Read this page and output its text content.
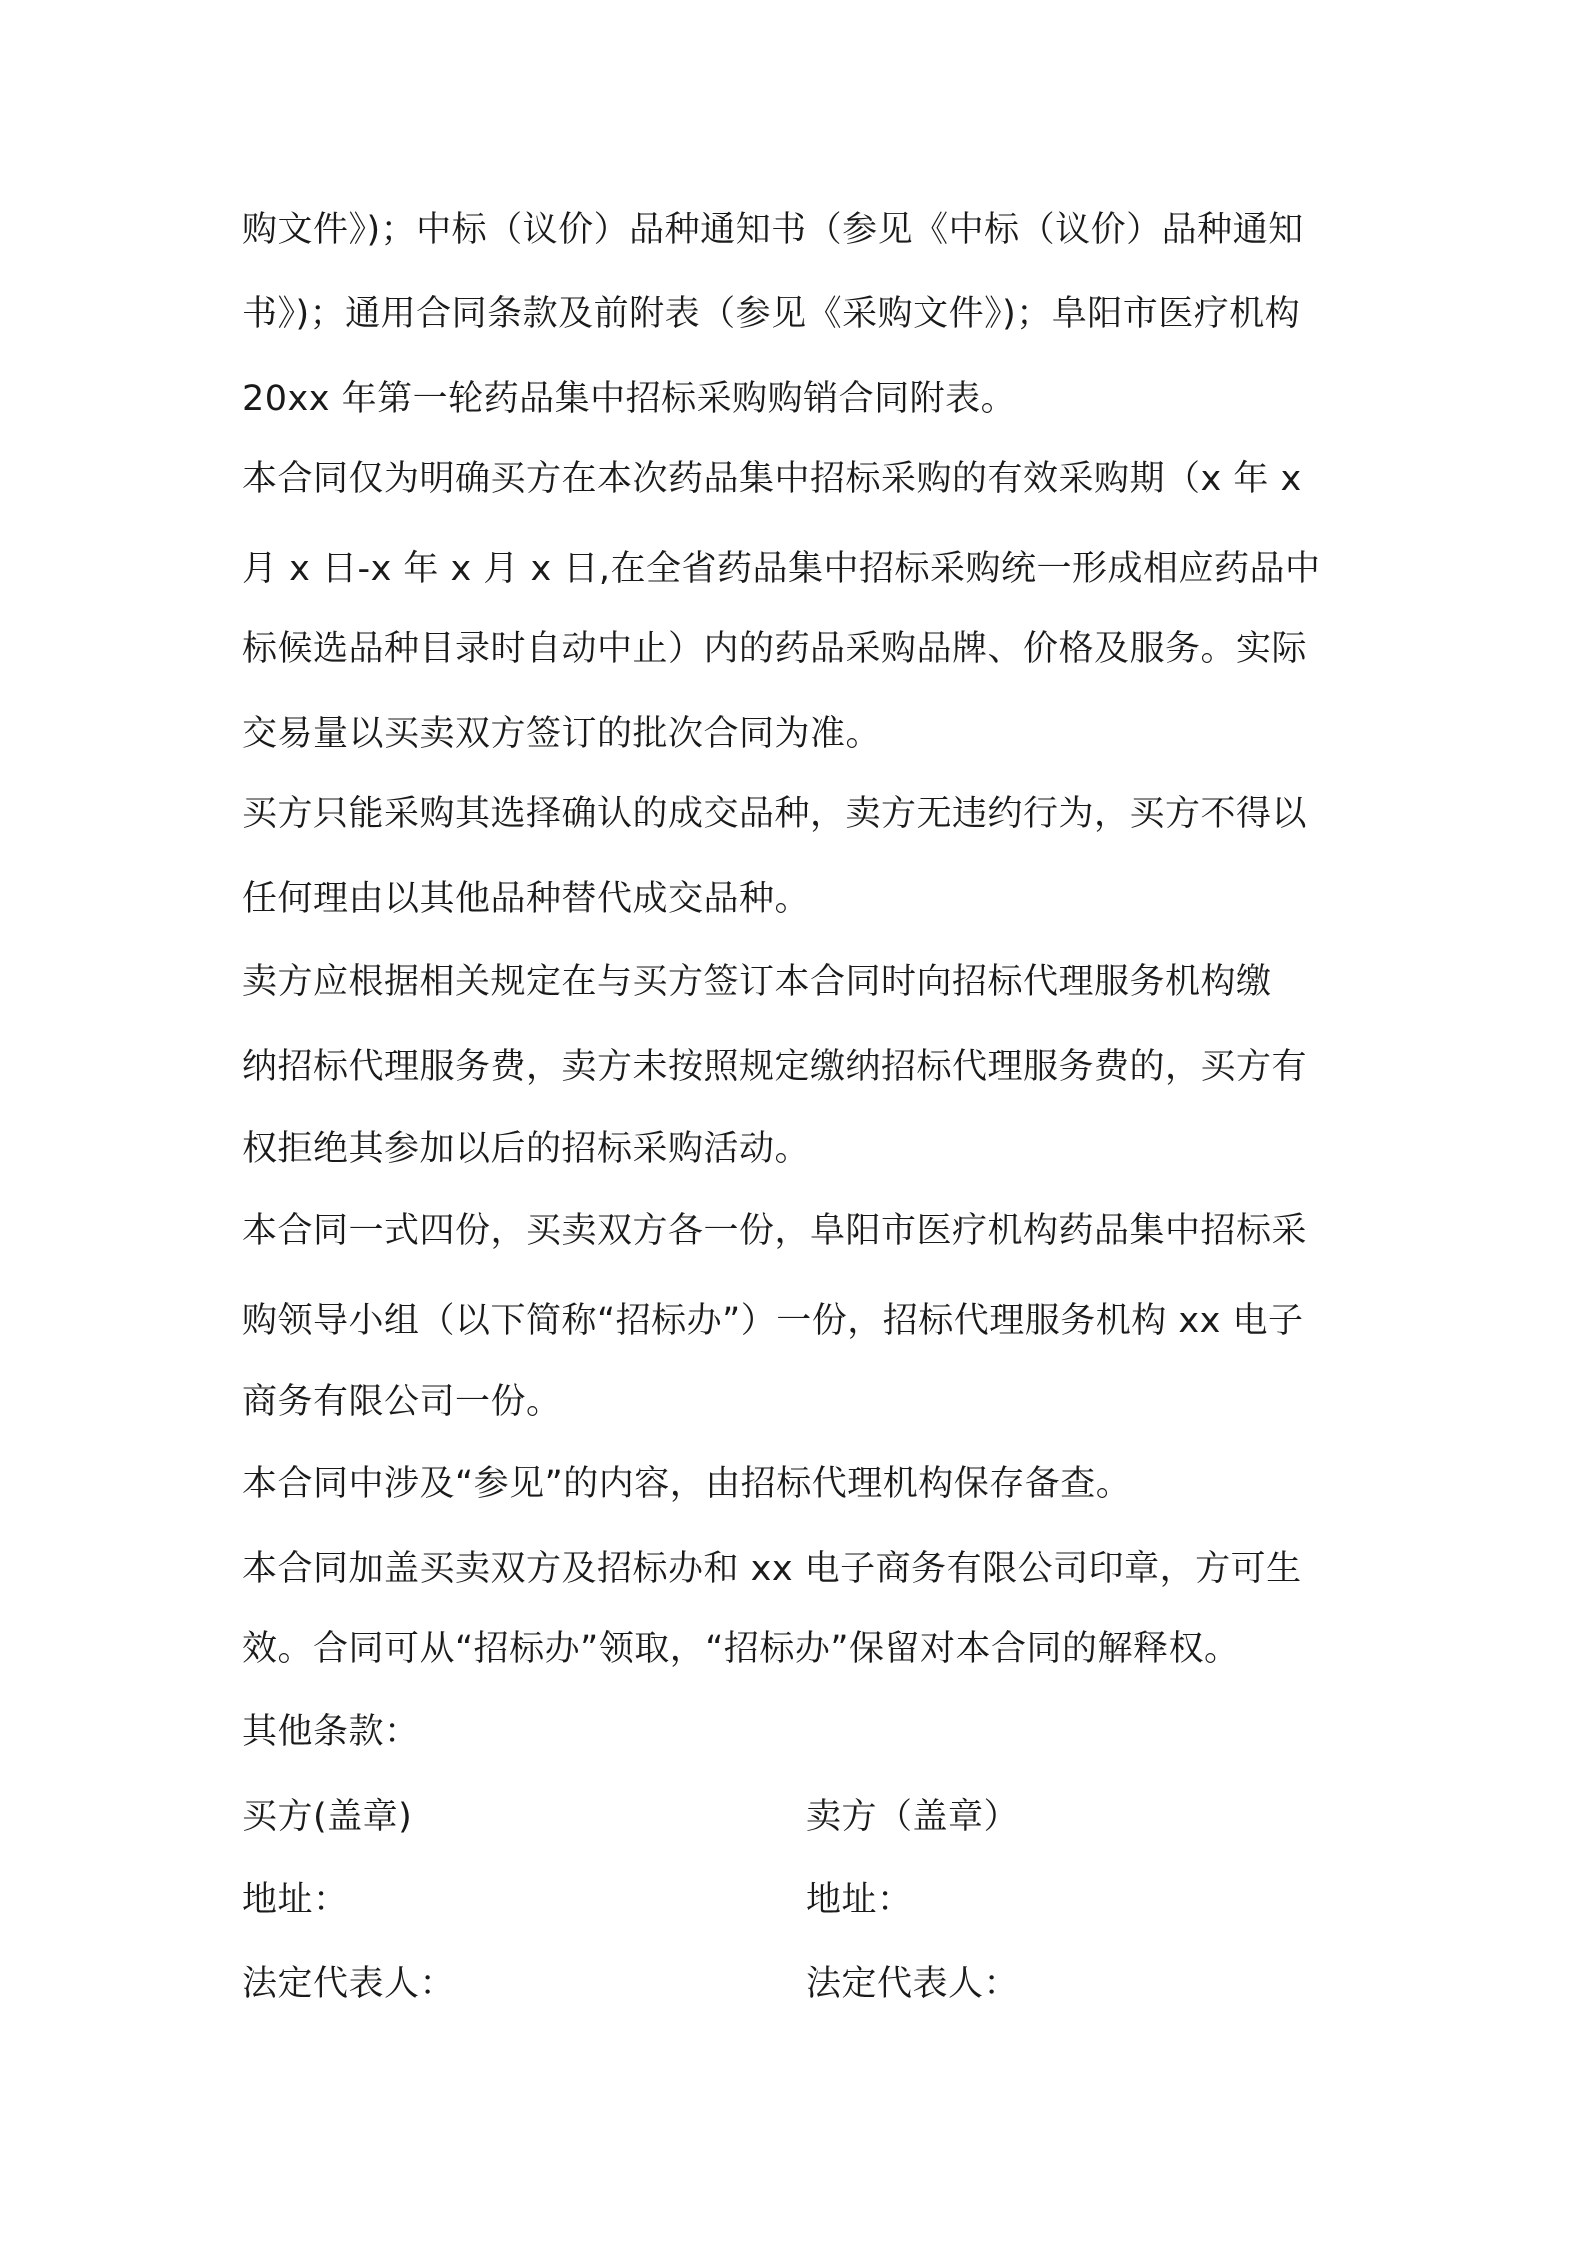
购文件》)；中标（议价）品种通知书（参见《中标（议价）品种通知
书》)；通用合同条款及前附表（参见《采购文件》)；阜阳市医疗机构
20xx 年第一轮药品集中招标采购购销合同附表。
本合同仅为明确买方在本次药品集中招标采购的有效采购期（x 年 x
月 x 日-x 年 x 月 x 日,在全省药品集中招标采购统一形成相应药品中
标候选品种目录时自动中止）内的药品采购品牌、价格及服务。实际
交易量以买卖双方签订的批次合同为准。
买方只能采购其选择确认的成交品种，卖方无违约行为，买方不得以
任何理由以其他品种替代成交品种。
卖方应根据相关规定在与买方签订本合同时向招标代理服务机构缴
纳招标代理服务费，卖方未按照规定缴纳招标代理服务费的，买方有
权拒绝其参加以后的招标采购活动。
本合同一式四份，买卖双方各一份，阜阳市医疗机构药品集中招标采
购领导小组（以下简称“招标办”）一份，招标代理服务机构 xx 电子
商务有限公司一份。
本合同中涉及“参见”的内容，由招标代理机构保存备查。
本合同加盖买卖双方及招标办和 xx 电子商务有限公司印章，方可生
效。合同可从“招标办”领取，“招标办”保留对本合同的解释权。
其他条款：
买方(盖章)	卖方（盖章）
地址：	地址：
法定代表人：	法定代表人：
